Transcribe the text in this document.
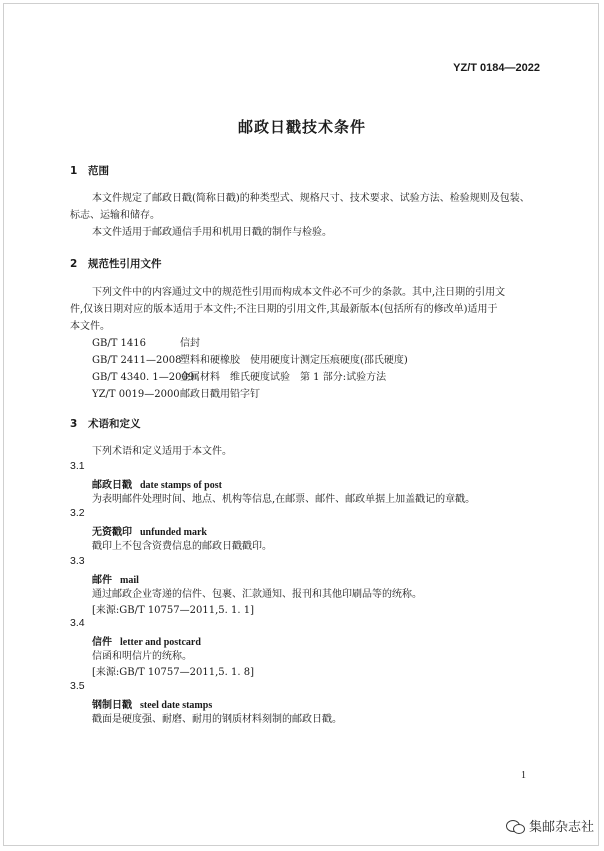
YZ/T 0184—2022
邮政日戳技术条件
1 范围
本文件规定了邮政日戳(简称日戳)的种类型式、规格尺寸、技术要求、试验方法、检验规则及包装、
标志、运输和储存。
本文件适用于邮政通信手用和机用日戳的制作与检验。
2 规范性引用文件
下列文件中的内容通过文中的规范性引用而构成本文件必不可少的条款。其中,注日期的引用文
件,仅该日期对应的版本适用于本文件;不注日期的引用文件,其最新版本(包括所有的修改单)适用于
本文件。
GB/T 1416	信封
GB/T 2411—2008塑料和硬橡胶　使用硬度计测定压痕硬度(邵氏硬度)
GB/T 4340. 1—2009金属材料　维氏硬度试验　第 1 部分:试验方法
YZ/T 0019—2000邮政日戳用铅字钉
3 术语和定义
下列术语和定义适用于本文件。
3.1
邮政日戳 date stamps of post
为表明邮件处理时间、地点、机构等信息,在邮票、邮件、邮政单据上加盖戳记的章戳。
3.2
无资戳印 unfunded mark
戳印上不包含资费信息的邮政日戳戳印。
3.3
邮件 mail
通过邮政企业寄递的信件、包裹、汇款通知、报刊和其他印刷品等的统称。
[来源:GB/T 10757—2011,5. 1. 1]
3.4
信件 letter and postcard
信函和明信片的统称。
[来源:GB/T 10757—2011,5. 1. 8]
3.5
钢制日戳 steel date stamps
戳面是硬度强、耐磨、耐用的钢质材料刻制的邮政日戳。
1
集邮杂志社
